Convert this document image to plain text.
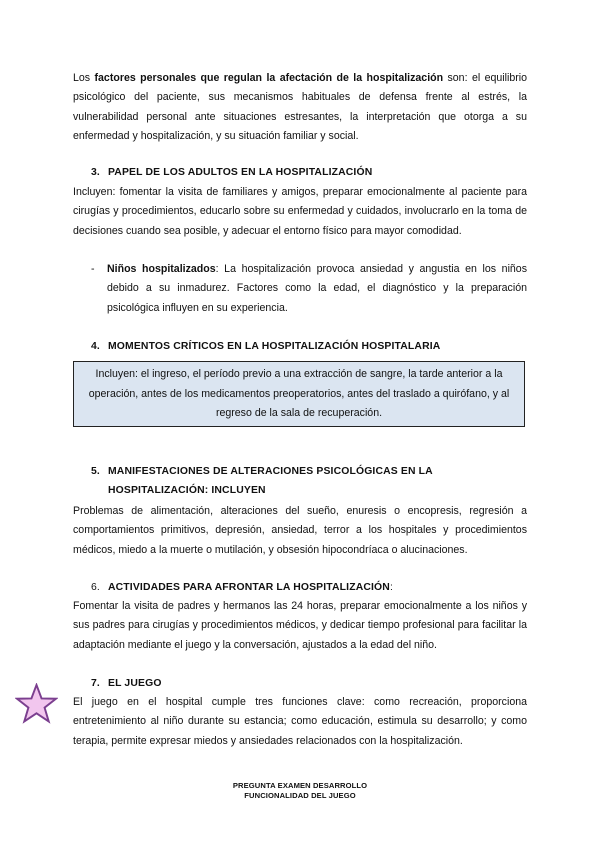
Los factores personales que regulan la afectación de la hospitalización son: el equilibrio psicológico del paciente, sus mecanismos habituales de defensa frente al estrés, la vulnerabilidad personal ante situaciones estresantes, la interpretación que otorga a su enfermedad y hospitalización, y su situación familiar y social.

3. PAPEL DE LOS ADULTOS EN LA HOSPITALIZACIÓN

Incluyen: fomentar la visita de familiares y amigos, preparar emocionalmente al paciente para cirugías y procedimientos, educarlo sobre su enfermedad y cuidados, involucrarlo en la toma de decisiones cuando sea posible, y adecuar el entorno físico para mayor comodidad.

-	Niños hospitalizados: La hospitalización provoca ansiedad y angustia en los niños debido a su inmadurez. Factores como la edad, el diagnóstico y la preparación psicológica influyen en su experiencia.
4. MOMENTOS CRÍTICOS EN LA HOSPITALIZACIÓN HOSPITALARIA
Incluyen: el ingreso, el período previo a una extracción de sangre, la tarde anterior a la operación, antes de los medicamentos preoperatorios, antes del traslado a quirófano, y al regreso de la sala de recuperación.
5. MANIFESTACIONES DE ALTERACIONES PSICOLÓGICAS EN LA
HOSPITALIZACIÓN: INCLUYEN

Problemas de alimentación, alteraciones del sueño, enuresis o encopresis, regresión a comportamientos primitivos, depresión, ansiedad, terror a los hospitales y procedimientos médicos, miedo a la muerte o mutilación, y obsesión hipocondríaca o alucinaciones.

6. ACTIVIDADES PARA AFRONTAR LA HOSPITALIZACIÓN:

Fomentar la visita de padres y hermanos las 24 horas, preparar emocionalmente a los niños y sus padres para cirugías y procedimientos médicos, y dedicar tiempo profesional para facilitar la adaptación mediante el juego y la conversación, ajustados a la edad del niño.

7. EL JUEGO

El juego en el hospital cumple tres funciones clave: como recreación, proporciona entretenimiento al niño durante su estancia; como educación, estimula su desarrollo; y como terapia, permite expresar miedos y ansiedades relacionados con la hospitalización.

PREGUNTA EXAMEN DESARROLLO
FUNCIONALIDAD DEL JUEGO
